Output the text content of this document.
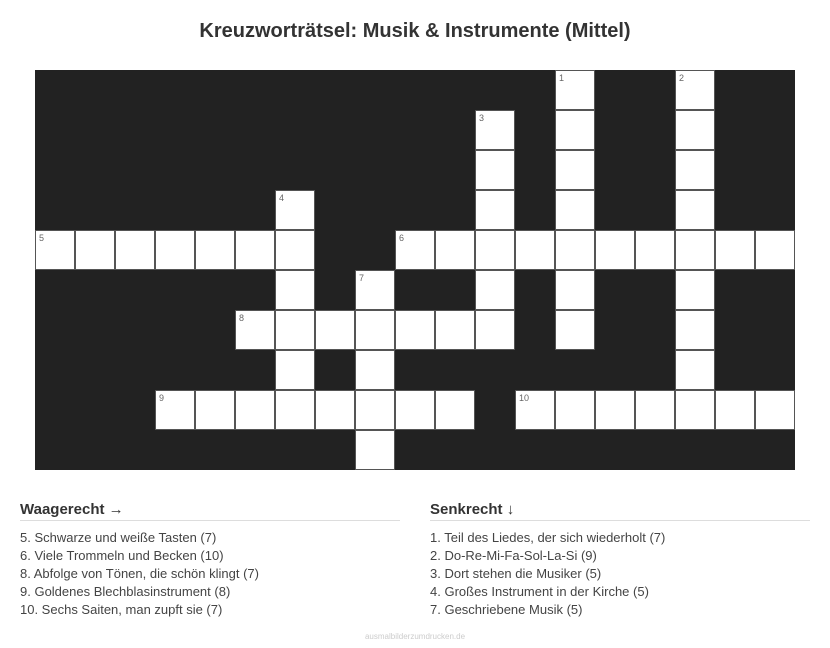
Kreuzworträtsel: Musik & Instrumente (Mittel)
1	2
3
4
5	6
7
8
9	10
Waagerecht →
5. Schwarze und weiße Tasten (7)
6. Viele Trommeln und Becken (10)
8. Abfolge von Tönen, die schön klingt (7)
9. Goldenes Blechblasinstrument (8)
10. Sechs Saiten, man zupft sie (7)
Senkrecht ↓
1. Teil des Liedes, der sich wiederholt (7)
2. Do-Re-Mi-Fa-Sol-La-Si (9)
3. Dort stehen die Musiker (5)
4. Großes Instrument in der Kirche (5)
7. Geschriebene Musik (5)
ausmalbilderzumdrucken.de
